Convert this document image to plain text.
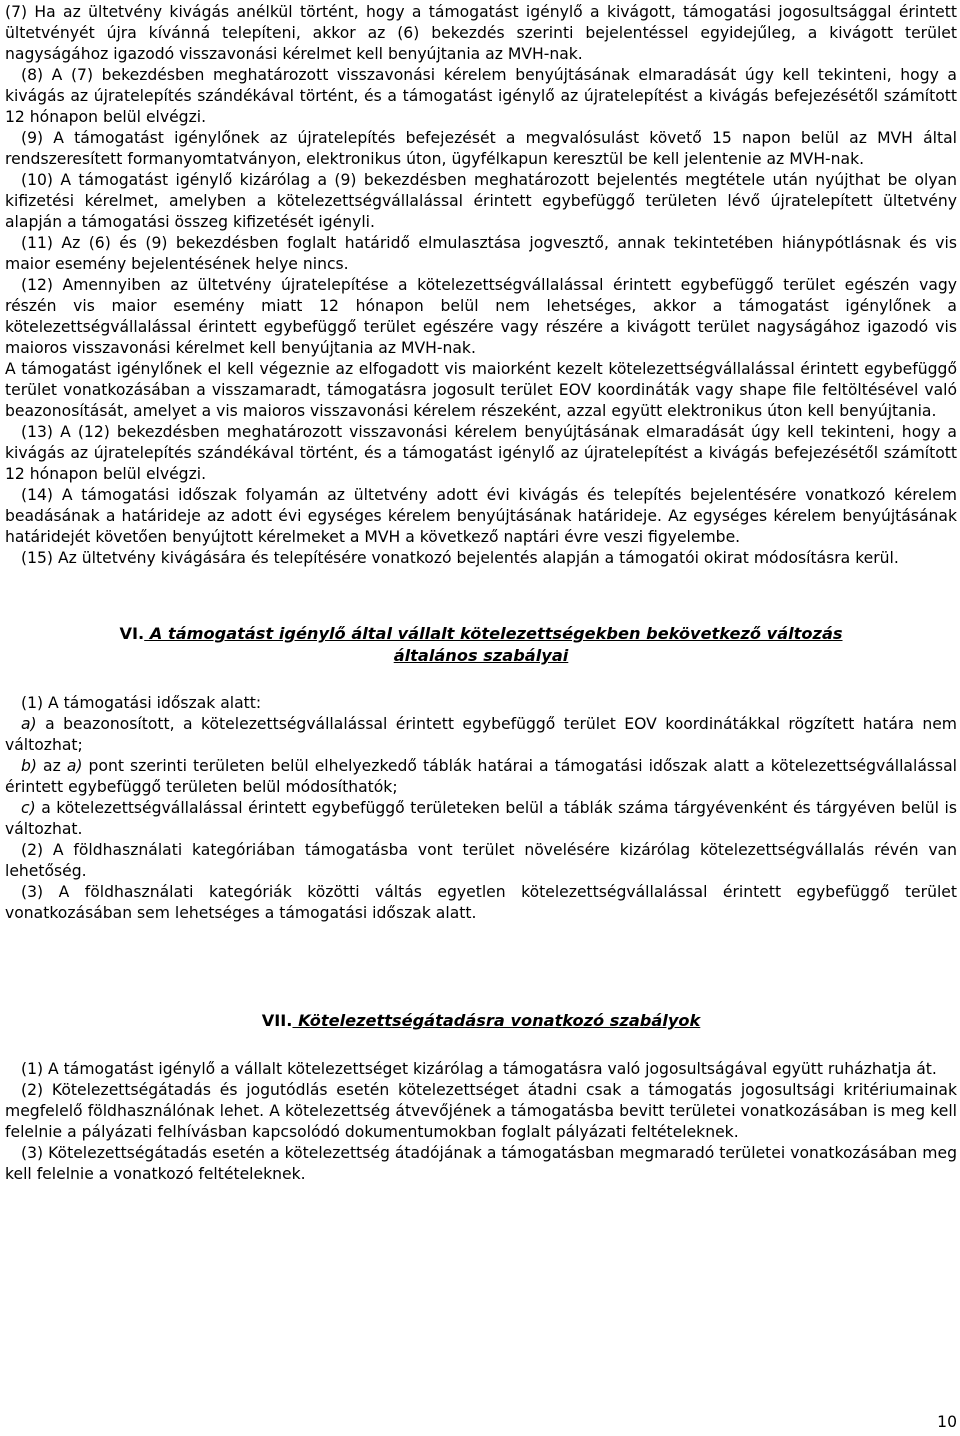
(7) Ha az ültetvény kivágás anélkül történt, hogy a támogatást igénylő a kivágott, támogatási jogosultsággal érintett ültetvényét újra kívánná telepíteni, akkor az (6) bekezdés szerinti bejelentéssel egyidejűleg, a kivágott terület nagyságához igazodó visszavonási kérelmet kell benyújtania az MVH-nak.

(8) A (7) bekezdésben meghatározott visszavonási kérelem benyújtásának elmaradását úgy kell tekinteni, hogy a kivágás az újratelepítés szándékával történt, és a támogatást igénylő az újratelepítést a kivágás befejezésétől számított 12 hónapon belül elvégzi.

(9) A támogatást igénylőnek az újratelepítés befejezését a megvalósulást követő 15 napon belül az MVH által rendszeresített formanyomtatványon, elektronikus úton, ügyfélkapun keresztül be kell jelentenie az MVH-nak.

(10) A támogatást igénylő kizárólag a (9) bekezdésben meghatározott bejelentés megtétele után nyújthat be olyan kifizetési kérelmet, amelyben a kötelezettségvállalással érintett egybefüggő területen lévő újratelepített ültetvény alapján a támogatási összeg kifizetését igényli.

(11) Az (6) és (9) bekezdésben foglalt határidő elmulasztása jogvesztő, annak tekintetében hiánypótlásnak és vis maior esemény bejelentésének helye nincs.

(12) Amennyiben az ültetvény újratelepítése a kötelezettségvállalással érintett egybefüggő terület egészén vagy részén vis maior esemény miatt 12 hónapon belül nem lehetséges, akkor a támogatást igénylőnek a kötelezettségvállalással érintett egybefüggő terület egészére vagy részére a kivágott terület nagyságához igazodó vis maioros visszavonási kérelmet kell benyújtania az MVH-nak.

A támogatást igénylőnek el kell végeznie az elfogadott vis maiorként kezelt kötelezettségvállalással érintett egybefüggő terület vonatkozásában a visszamaradt, támogatásra jogosult terület EOV koordináták vagy shape file feltöltésével való beazonosítását, amelyet a vis maioros visszavonási kérelem részeként, azzal együtt elektronikus úton kell benyújtania.

(13) A (12) bekezdésben meghatározott visszavonási kérelem benyújtásának elmaradását úgy kell tekinteni, hogy a kivágás az újratelepítés szándékával történt, és a támogatást igénylő az újratelepítést a kivágás befejezésétől számított 12 hónapon belül elvégzi.

(14) A támogatási időszak folyamán az ültetvény adott évi kivágás és telepítés bejelentésére vonatkozó kérelem beadásának a határideje az adott évi egységes kérelem benyújtásának határideje. Az egységes kérelem benyújtásának határidejét követően benyújtott kérelmeket a MVH a következő naptári évre veszi figyelembe.

(15) Az ültetvény kivágására és telepítésére vonatkozó bejelentés alapján a támogatói okirat módosításra kerül.

VI. A támogatást igénylő által vállalt kötelezettségekben bekövetkező változás
általános szabályai

(1) A támogatási időszak alatt:

a) a beazonosított, a kötelezettségvállalással érintett egybefüggő terület EOV koordinátákkal rögzített határa nem változhat;

b) az a) pont szerinti területen belül elhelyezkedő táblák határai a támogatási időszak alatt a kötelezettségvállalással érintett egybefüggő területen belül módosíthatók;

c) a kötelezettségvállalással érintett egybefüggő területeken belül a táblák száma tárgyévenként és tárgyéven belül is változhat.

(2) A földhasználati kategóriában támogatásba vont terület növelésére kizárólag kötelezettségvállalás révén van lehetőség.

(3) A földhasználati kategóriák közötti váltás egyetlen kötelezettségvállalással érintett egybefüggő terület vonatkozásában sem lehetséges a támogatási időszak alatt.

VII. Kötelezettségátadásra vonatkozó szabályok

(1) A támogatást igénylő a vállalt kötelezettséget kizárólag a támogatásra való jogosultságával együtt ruházhatja át.

(2) Kötelezettségátadás és jogutódlás esetén kötelezettséget átadni csak a támogatás jogosultsági kritériumainak megfelelő földhasználónak lehet. A kötelezettség átvevőjének a támogatásba bevitt területei vonatkozásában is meg kell felelnie a pályázati felhívásban kapcsolódó dokumentumokban foglalt pályázati feltételeknek.

(3) Kötelezettségátadás esetén a kötelezettség átadójának a támogatásban megmaradó területei vonatkozásában meg kell felelnie a vonatkozó feltételeknek.

10
